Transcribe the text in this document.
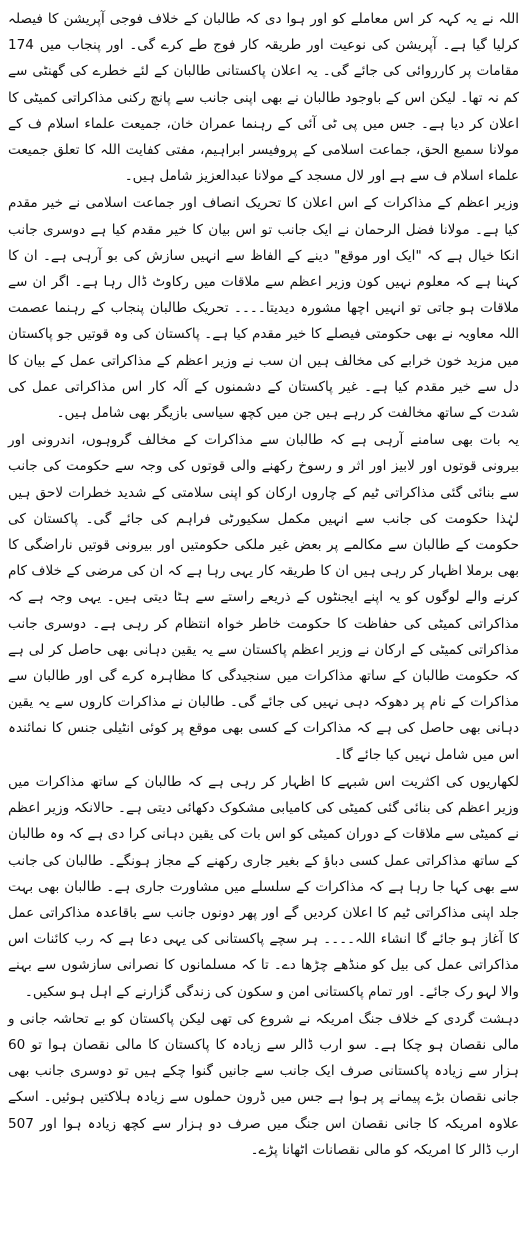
اللہ نے یہ کہہ کر اس معاملے کو اور ہوا دی کہ طالبان کے خلاف فوجی آپریشن کا فیصلہ کرلیا گیا ہے۔ آپریشن کی نوعیت اور طریقہ کار فوج طے کرے گی۔ اور پنجاب میں 174 مقامات پر کارروائی کی جائے گی۔ یہ اعلان پاکستانی طالبان کے لئے خطرے کی گھنٹی سے کم نہ تھا۔ لیکن اس کے باوجود طالبان نے بھی اپنی جانب سے پانچ رکنی مذاکراتی کمیٹی کا اعلان کر دیا ہے۔ جس میں پی ٹی آئی کے رہنما عمران خان، جمیعت علماء اسلام ف کے مولانا سمیع الحق، جماعت اسلامی کے پروفیسر ابراہیم، مفتی کفایت اللہ کا تعلق جمیعت علماء اسلام ف سے ہے اور لال مسجد کے مولانا عبدالعزیز شامل ہیں۔

وزیر اعظم کے مذاکرات کے اس اعلان کا تحریک انصاف اور جماعت اسلامی نے خیر مقدم کیا ہے۔ مولانا فضل الرحمان نے ایک جانب تو اس بیان کا خیر مقدم کیا ہے دوسری جانب انکا خیال ہے کہ "ایک اور موقع" دینے کے الفاظ سے انہیں سازش کی بو آرہی ہے۔ ان کا کہنا ہے کہ معلوم نہیں کون وزیر اعظم سے ملاقات میں رکاوٹ ڈال رہا ہے۔ اگر ان سے ملاقات ہو جاتی تو انہیں اچھا مشورہ دیدیتا۔۔۔۔ تحریک طالبان پنجاب کے رہنما عصمت اللہ معاویہ نے بھی حکومتی فیصلے کا خیر مقدم کیا ہے۔ پاکستان کی وہ قوتیں جو پاکستان میں مزید خون خرابے کی مخالف ہیں ان سب نے وزیر اعظم کے مذاکراتی عمل کے بیان کا دل سے خیر مقدم کیا ہے۔ غیر پاکستان کے دشمنوں کے آلہ کار اس مذاکراتی عمل کی شدت کے ساتھ مخالفت کر رہے ہیں جن میں کچھ سیاسی بازیگر بھی شامل ہیں۔

یہ بات بھی سامنے آرہی ہے کہ طالبان سے مذاکرات کے مخالف گروہوں، اندرونی اور بیرونی قوتوں اور لابیز اور اثر و رسوخ رکھنے والی قوتوں کی وجہ سے حکومت کی جانب سے بنائی گئی مذاکراتی ٹیم کے چاروں ارکان کو اپنی سلامتی کے شدید خطرات لاحق ہیں لہٰذا حکومت کی جانب سے انہیں مکمل سکیورٹی فراہم کی جائے گی۔ پاکستان کی حکومت کے طالبان سے مکالمے پر بعض غیر ملکی حکومتیں اور بیرونی قوتیں ناراضگی کا بھی برملا اظہار کر رہی ہیں ان کا طریقہ کار یہی رہا ہے کہ ان کی مرضی کے خلاف کام کرنے والے لوگوں کو یہ اپنے ایجنٹوں کے ذریعے راستے سے ہٹا دیتی ہیں۔ یہی وجہ ہے کہ مذاکراتی کمیٹی کی حفاظت کا حکومت خاطر خواہ انتظام کر رہی ہے۔ دوسری جانب مذاکراتی کمیٹی کے ارکان نے وزیر اعظم پاکستان سے یہ یقین دہانی بھی حاصل کر لی ہے کہ حکومت طالبان کے ساتھ مذاکرات میں سنجیدگی کا مظاہرہ کرے گی اور طالبان سے مذاکرات کے نام پر دھوکہ دہی نہیں کی جائے گی۔ طالبان نے مذاکرات کاروں سے یہ یقین دہانی بھی حاصل کی ہے کہ مذاکرات کے کسی بھی موقع پر کوئی انٹیلی جنس کا نمائندہ اس میں شامل نہیں کیا جائے گا۔

لکھاریوں کی اکثریت اس شبہے کا اظہار کر رہی ہے کہ طالبان کے ساتھ مذاکرات میں وزیر اعظم کی بنائی گئی کمیٹی کی کامیابی مشکوک دکھائی دیتی ہے۔ حالانکہ وزیر اعظم نے کمیٹی سے ملاقات کے دوران کمیٹی کو اس بات کی یقین دہانی کرا دی ہے کہ وہ طالبان کے ساتھ مذاکراتی عمل کسی دباؤ کے بغیر جاری رکھنے کے مجاز ہونگے۔ طالبان کی جانب سے بھی کہا جا رہا ہے کہ مذاکرات کے سلسلے میں مشاورت جاری ہے۔ طالبان بھی بہت جلد اپنی مذاکراتی ٹیم کا اعلان کردیں گے اور پھر دونوں جانب سے باقاعدہ مذاکراتی عمل کا آغاز ہو جائے گا انشاء اللہ۔۔۔۔ ہر سچے پاکستانی کی یہی دعا ہے کہ رب کائنات اس مذاکراتی عمل کی بیل کو منڈھے چڑھا دے۔ تا کہ مسلمانوں کا نصرانی سازشوں سے بہنے والا لہو رک جائے۔ اور تمام پاکستانی امن و سکون کی زندگی گزارنے کے اہل ہو سکیں۔

دہشت گردی کے خلاف جنگ امریکہ نے شروع کی تھی لیکن پاکستان کو بے تحاشہ جانی و مالی نقصان ہو چکا ہے۔ سو ارب ڈالر سے زیادہ کا پاکستان کا مالی نقصان ہوا تو 60 ہزار سے زیادہ پاکستانی صرف ایک جانب سے جانیں گنوا چکے ہیں تو دوسری جانب بھی جانی نقصان بڑے پیمانے پر ہوا ہے جس میں ڈرون حملوں سے زیادہ ہلاکتیں ہوئیں۔ اسکے علاوہ امریکہ کا جانی نقصان اس جنگ میں صرف دو ہزار سے کچھ زیادہ ہوا اور 507 ارب ڈالر کا امریکہ کو مالی نقصانات اٹھانا پڑے۔
